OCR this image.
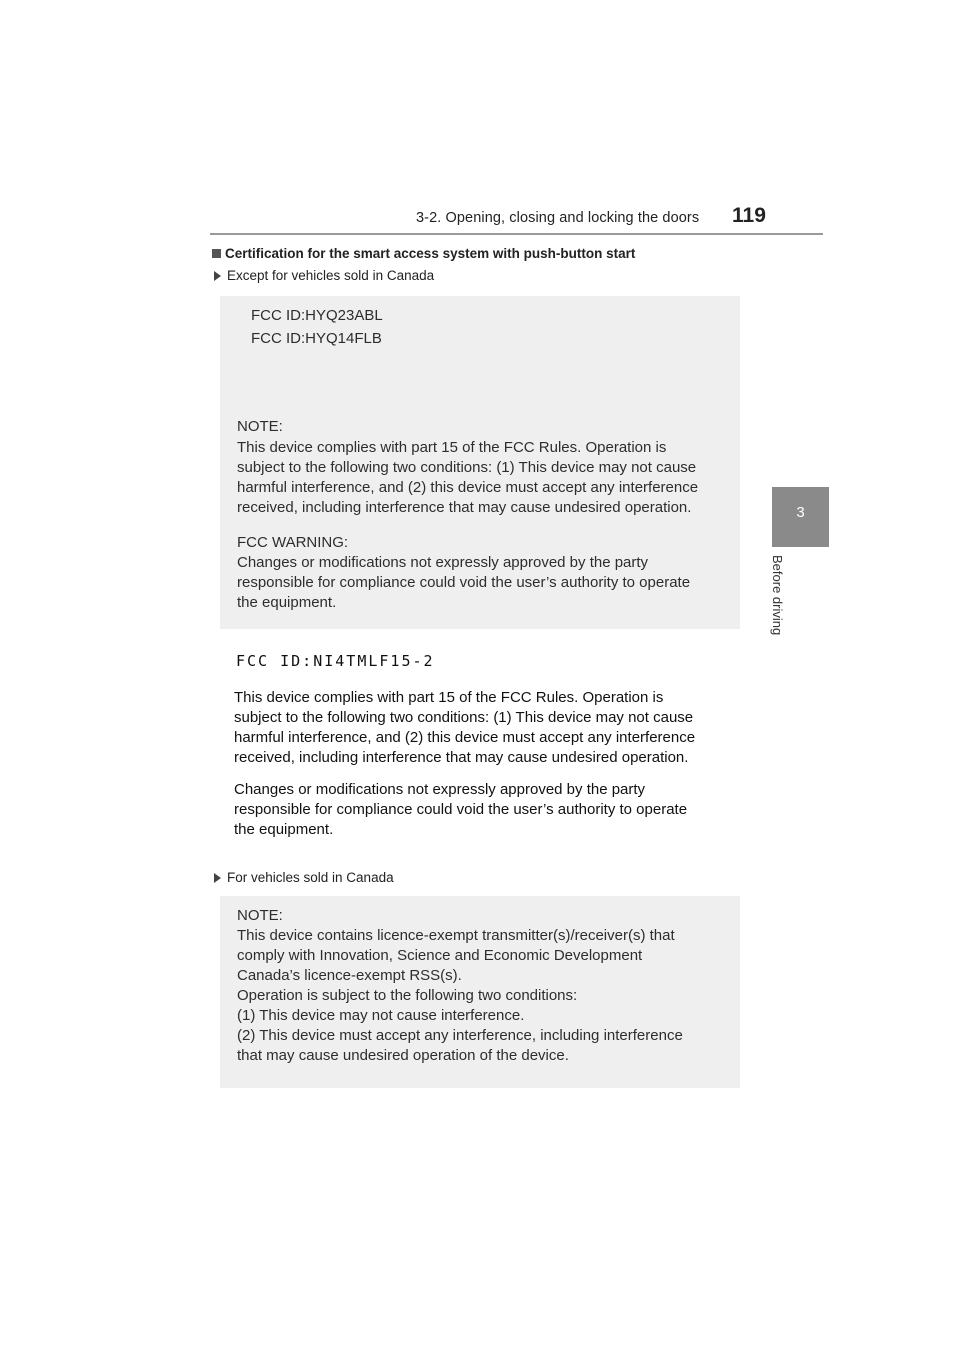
3-2. Opening, closing and locking the doors 119
3
Before driving
Certification for the smart access system with push-button start
Except for vehicles sold in Canada
FCC ID:HYQ23ABL
FCC ID:HYQ14FLB
NOTE:
This device complies with part 15 of the FCC Rules. Operation is
subject to the following two conditions: (1) This device may not cause
harmful interference, and (2) this device must accept any interference
received, including interference that may cause undesired operation.
FCC WARNING:
Changes or modifications not expressly approved by the party
responsible for compliance could void the user’s authority to operate
the equipment.
FCC ID:NI4TMLF15-2
This device complies with part 15 of the FCC Rules. Operation is
subject to the following two conditions: (1) This device may not cause
harmful interference, and (2) this device must accept any interference
received, including interference that may cause undesired operation.
Changes or modifications not expressly approved by the party
responsible for compliance could void the user’s authority to operate
the equipment.
For vehicles sold in Canada
NOTE:
This device contains licence-exempt transmitter(s)/receiver(s) that
comply with Innovation, Science and Economic Development
Canada’s licence-exempt RSS(s).
Operation is subject to the following two conditions:
(1) This device may not cause interference.
(2) This device must accept any interference, including interference
that may cause undesired operation of the device.
